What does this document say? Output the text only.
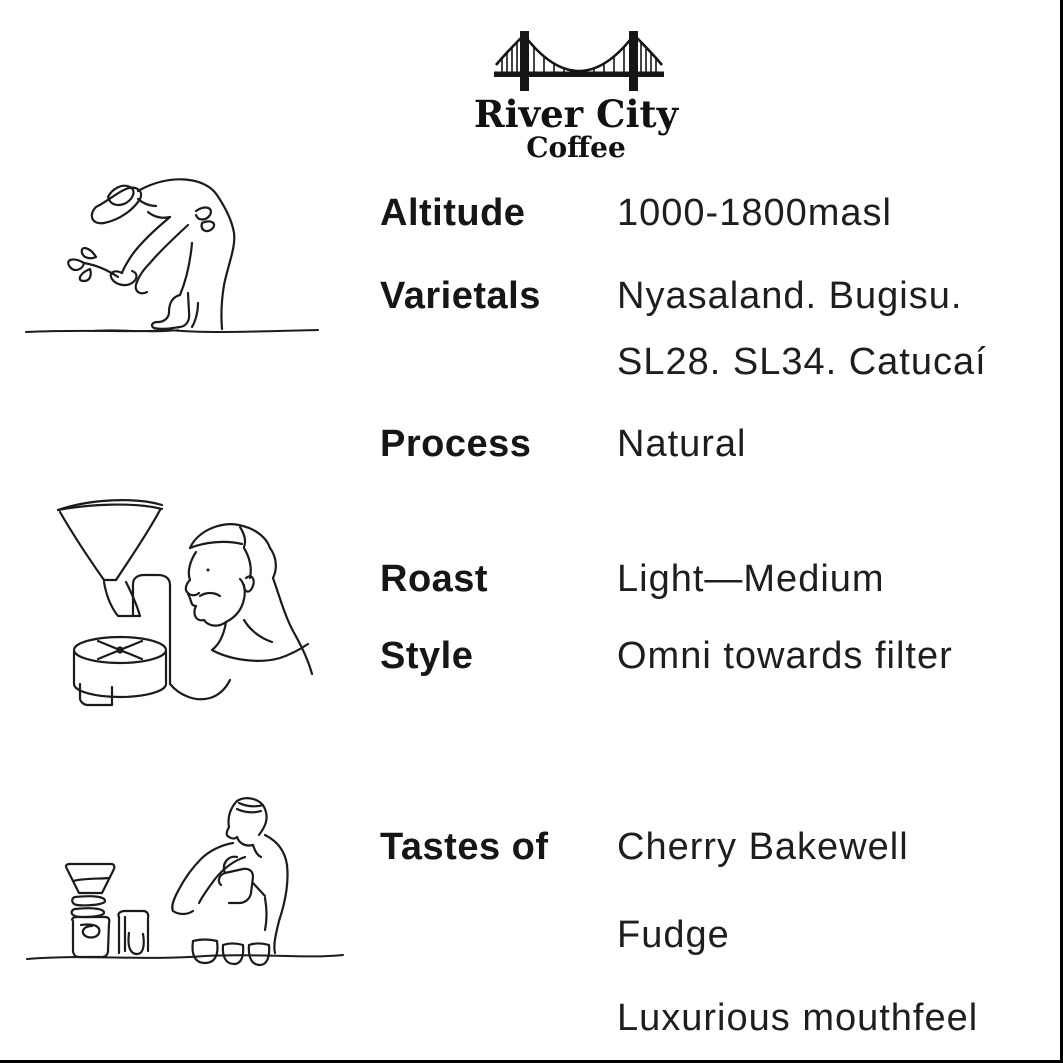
River City
Coffee
Altitude	1000-1800masl
Varietals	Nyasaland. Bugisu.
SL28. SL34. Catucaí
Process	Natural
Roast	Light—Medium
Style	Omni towards filter
Tastes of	Cherry Bakewell
Fudge
Luxurious mouthfeel
